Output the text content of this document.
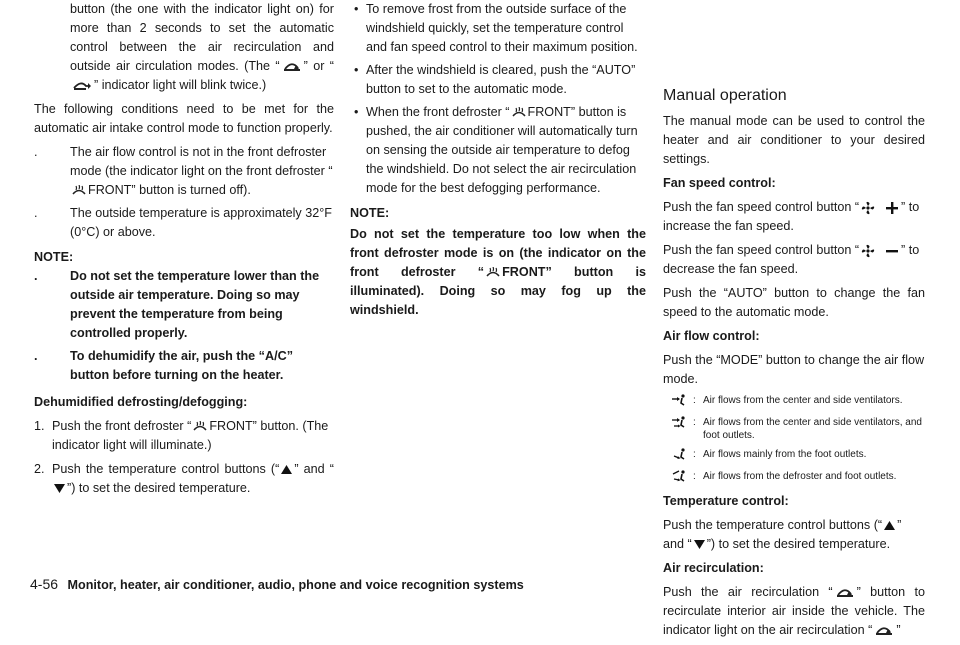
button (the one with the indicator light on) for more than 2 seconds to set the automatic control between the air recirculation and outside air circulation modes. (The “ ” or “” indicator light will blink twice.)

The following conditions need to be met for the automatic air intake control mode to function properly.

.	The air flow control is not in the front defroster mode (the indicator light on the front defroster “FRONT” button is turned off).
.	The outside temperature is approximately 32°F (0°C) or above.

NOTE:

.	Do not set the temperature lower than the outside air temperature. Doing so may prevent the temperature from being controlled properly.
.	To dehumidify the air, push the “A/C” button before turning on the heater.

Dehumidified defrosting/defogging:

1. Push the front defroster “ FRONT” button. (The indicator light will illuminate.)
2. Push the temperature control buttons (“ ” and “”) to set the desired temperature.
• To remove frost from the outside surface of the windshield quickly, set the temperature control and fan speed control to their maximum position.
• After the windshield is cleared, push the “AUTO” button to set to the automatic mode.
• When the front defroster “ FRONT” button is pushed, the air conditioner will automatically turn on sensing the outside air temperature to defog the windshield. Do not select the air recirculation mode for the best defogging performance.

NOTE:

Do not set the temperature too low when the front defroster mode is on (the indicator on the front defroster “ FRONT” button is illuminated). Doing so may fog up the windshield.

Manual operation

The manual mode can be used to control the heater and air conditioner to your desired settings.

Fan speed control:

Push the fan speed control button “	” to increase the fan speed.

Push the fan speed control button “	” to decrease the fan speed.

Push the “AUTO” button to change the fan speed to the automatic mode.

Air flow control:

Push the “MODE” button to change the air flow mode.

: Air flows from the center and side ventilators.
: Air flows from the center and side ventilators, and foot outlets.
: Air flows mainly from the foot outlets.
: Air flows from the defroster and foot outlets.

Temperature control:

Push the temperature control buttons (“ ” and “ ”) to set the desired temperature.

Air recirculation:

Push the air recirculation “ ” button to recirculate interior air inside the vehicle. The indicator light on the air recirculation “ ”

4-56 Monitor, heater, air conditioner, audio, phone and voice recognition systems
